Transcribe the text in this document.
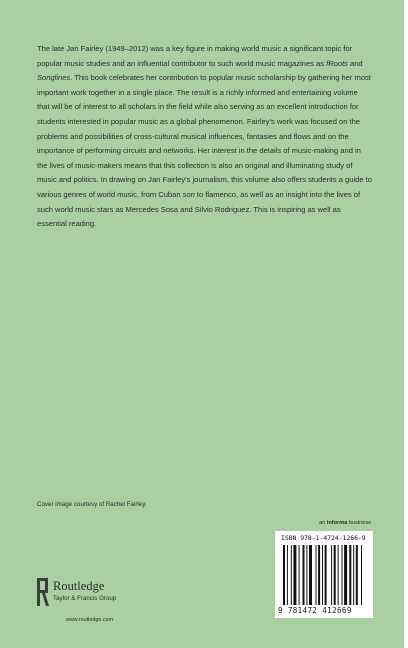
The late Jan Fairley (1949–2012) was a key figure in making world music a significant topic for popular music studies and an influential contributor to such world music magazines as fRoots and Songlines. This book celebrates her contribution to popular music scholarship by gathering her most important work together in a single place. The result is a richly informed and entertaining volume that will be of interest to all scholars in the field while also serving as an excellent introduction for students interested in popular music as a global phenomenon. Fairley’s work was focused on the problems and possibilities of cross-cultural musical influences, fantasies and flows and on the importance of performing circuits and networks. Her interest in the details of music-making and in the lives of music-makers means that this collection is also an original and illuminating study of music and politics. In drawing on Jan Fairley’s journalism, this volume also offers students a guide to various genres of world music, from Cuban son to flamenco, as well as an insight into the lives of such world music stars as Mercedes Sosa and Silvio Rodriguez. This is inspiring as well as essential reading.

Cover image courtesy of Rachel Fairley.
an informa business
ISBN 978-1-4724-1266-9
9 781472 412669
Routledge
Taylor & Francis Group
www.routledge.com
